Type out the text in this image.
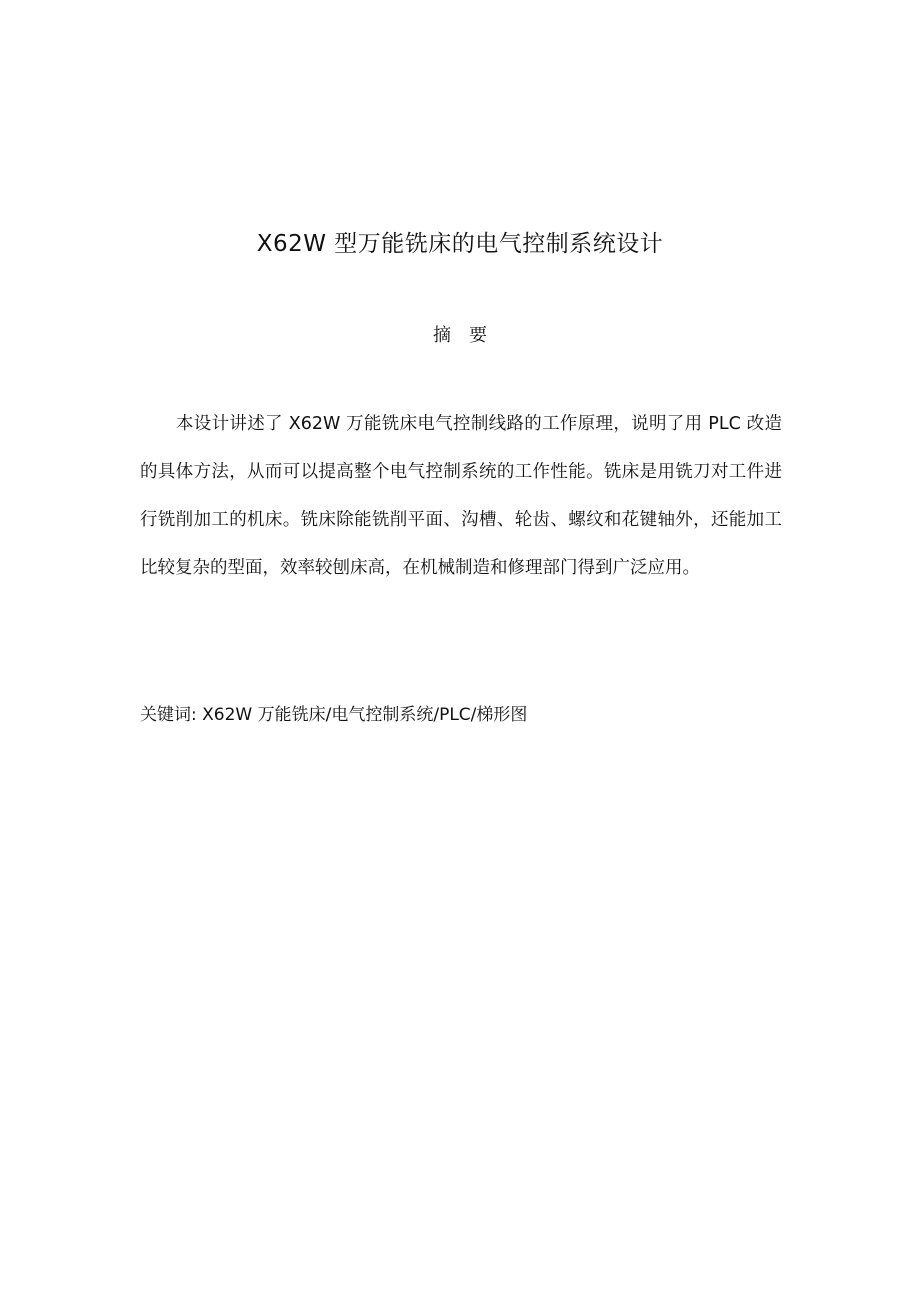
X62W 型万能铣床的电气控制系统设计
摘要

本设计讲述了 X62W 万能铣床电气控制线路的工作原理，说明了用 PLC 改造的具体方法，从而可以提高整个电气控制系统的工作性能。铣床是用铣刀对工件进行铣削加工的机床。铣床除能铣削平面、沟槽、轮齿、螺纹和花键轴外，还能加工比较复杂的型面，效率较刨床高，在机械制造和修理部门得到广泛应用。

关键词: X62W 万能铣床/电气控制系统/PLC/梯形图
